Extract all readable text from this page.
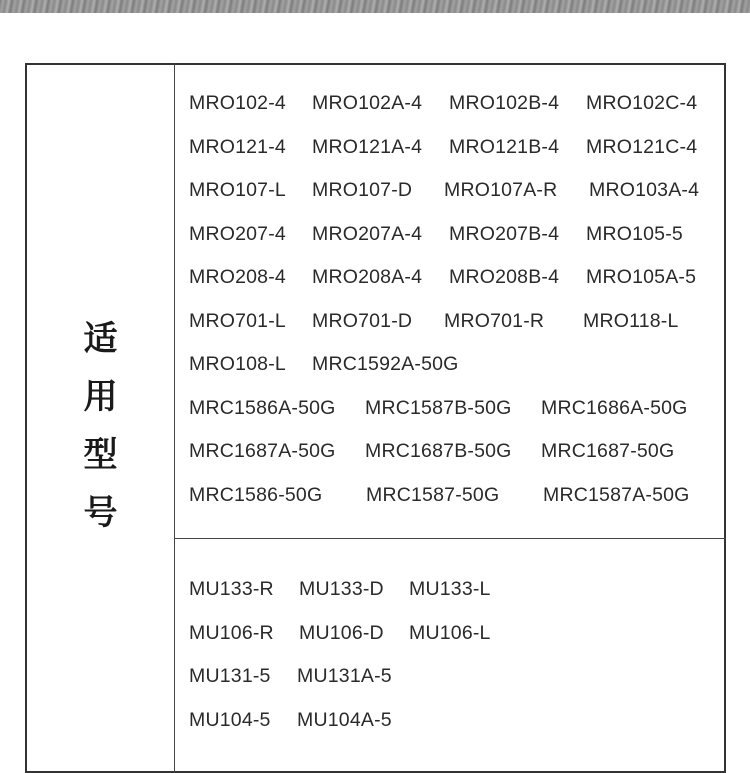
适
用
型
号
MRO102-4 MRO102A-4 MRO102B-4 MRO102C-4
MRO121-4 MRO121A-4 MRO121B-4 MRO121C-4
MRO107-L MRO107-D MRO107A-R MRO103A-4
MRO207-4 MRO207A-4 MRO207B-4 MRO105-5
MRO208-4 MRO208A-4 MRO208B-4 MRO105A-5
MRO701-L MRO701-D MRO701-R MRO118-L
MRO108-L MRC1592A-50G
MRC1586A-50G MRC1587B-50G MRC1686A-50G
MRC1687A-50G MRC1687B-50G MRC1687-50G
MRC1586-50G MRC1587-50G MRC1587A-50G
MU133-R MU133-D MU133-L
MU106-R MU106-D MU106-L
MU131-5 MU131A-5
MU104-5 MU104A-5
